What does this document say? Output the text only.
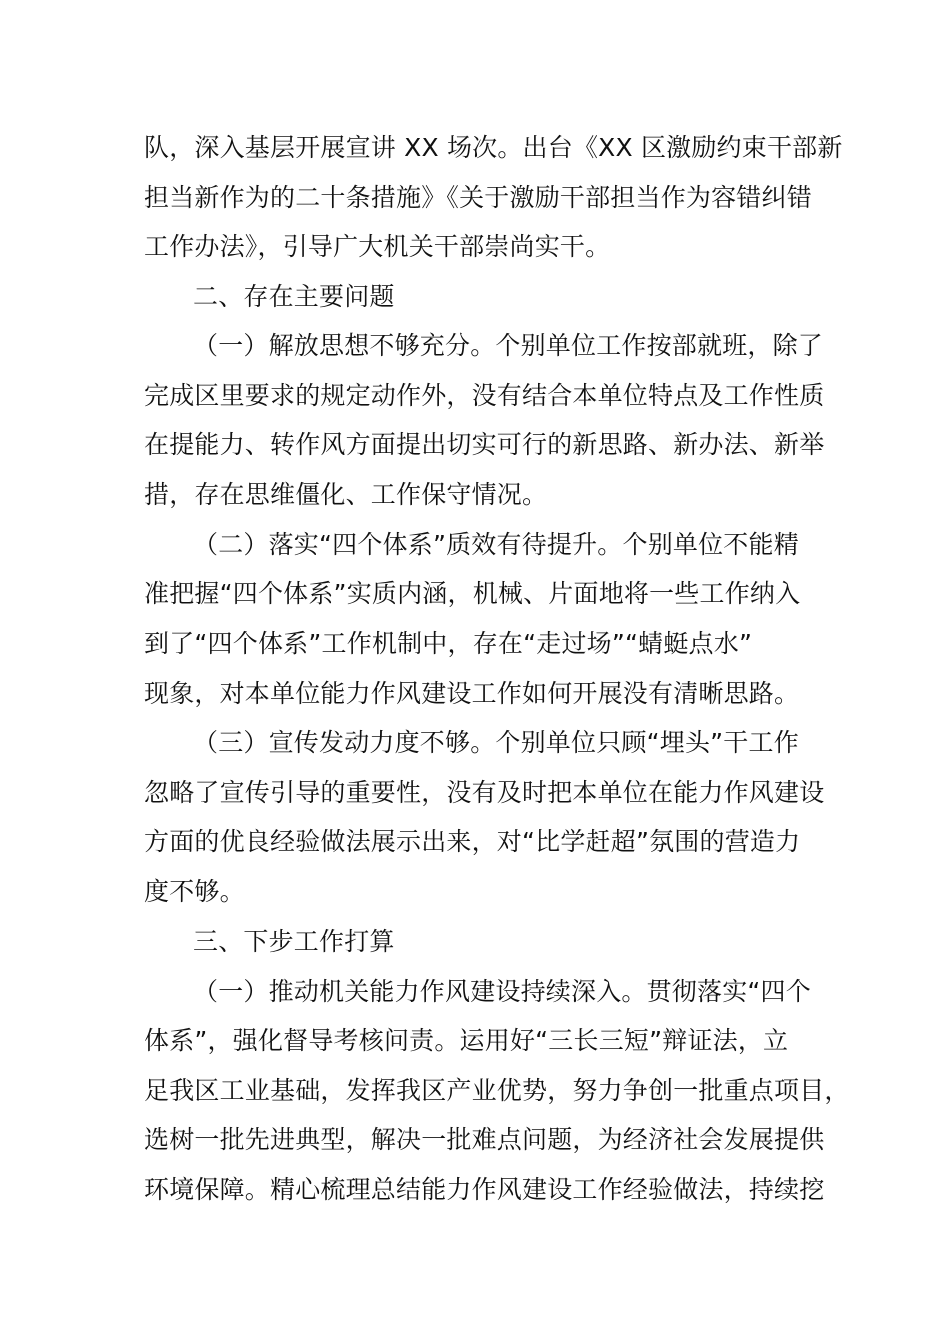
队，深入基层开展宣讲 XX 场次。出台《XX 区激励约束干部新
担当新作为的二十条措施》《关于激励干部担当作为容错纠错
工作办法》，引导广大机关干部崇尚实干。
二、存在主要问题
（一）解放思想不够充分。个别单位工作按部就班，除了
完成区里要求的规定动作外，没有结合本单位特点及工作性质
在提能力、转作风方面提出切实可行的新思路、新办法、新举
措，存在思维僵化、工作保守情况。
（二）落实“四个体系”质效有待提升。个别单位不能精
准把握“四个体系”实质内涵，机械、片面地将一些工作纳入
到了“四个体系”工作机制中，存在“走过场”“蜻蜓点水”
现象，对本单位能力作风建设工作如何开展没有清晰思路。
（三）宣传发动力度不够。个别单位只顾“埋头”干工作
忽略了宣传引导的重要性，没有及时把本单位在能力作风建设
方面的优良经验做法展示出来，对“比学赶超”氛围的营造力
度不够。
三、下步工作打算
（一）推动机关能力作风建设持续深入。贯彻落实“四个
体系”，强化督导考核问责。运用好“三长三短”辩证法，立
足我区工业基础，发挥我区产业优势，努力争创一批重点项目，
选树一批先进典型，解决一批难点问题，为经济社会发展提供
环境保障。精心梳理总结能力作风建设工作经验做法，持续挖
